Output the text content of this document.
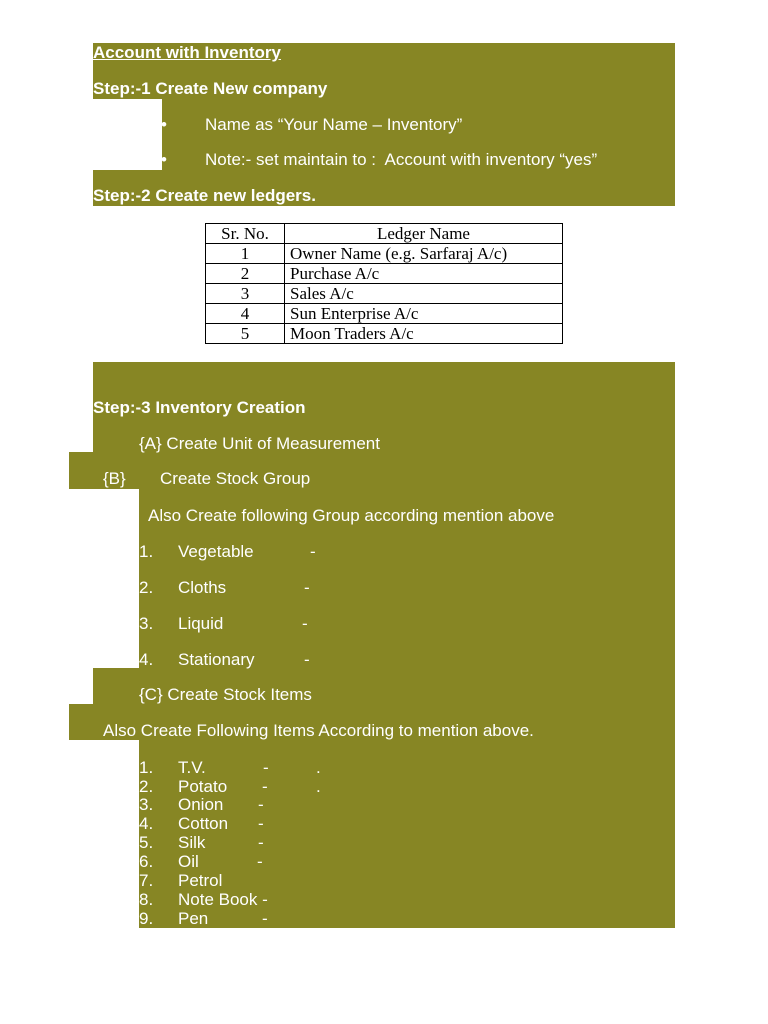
Account with Inventory
Step:-1 Create New company
• Name as “Your Name – Inventory”
• Note:- set maintain to :  Account with inventory “yes”
Step:-2 Create new ledgers.
Sr. No.	Ledger Name
1	Owner Name (e.g. Sarfaraj A/c)
2	Purchase A/c
3	Sales A/c
4	Sun Enterprise A/c
5	Moon Traders A/c
Step:-3 Inventory Creation
{A} Create Unit of Measurement
{B} Create Stock Group
Also Create following Group according mention above
1. Vegetable	-
2. Cloths	-
3. Liquid	-
4. Stationary	-
{C} Create Stock Items
Also Create Following Items According to mention above.
1. T.V.	-	.
2. Potato -	.
3. Onion -
4. Cotton -
5. Silk	-
6. Oil	-
7. Petrol
8. Note Book -
9. Pen	-
